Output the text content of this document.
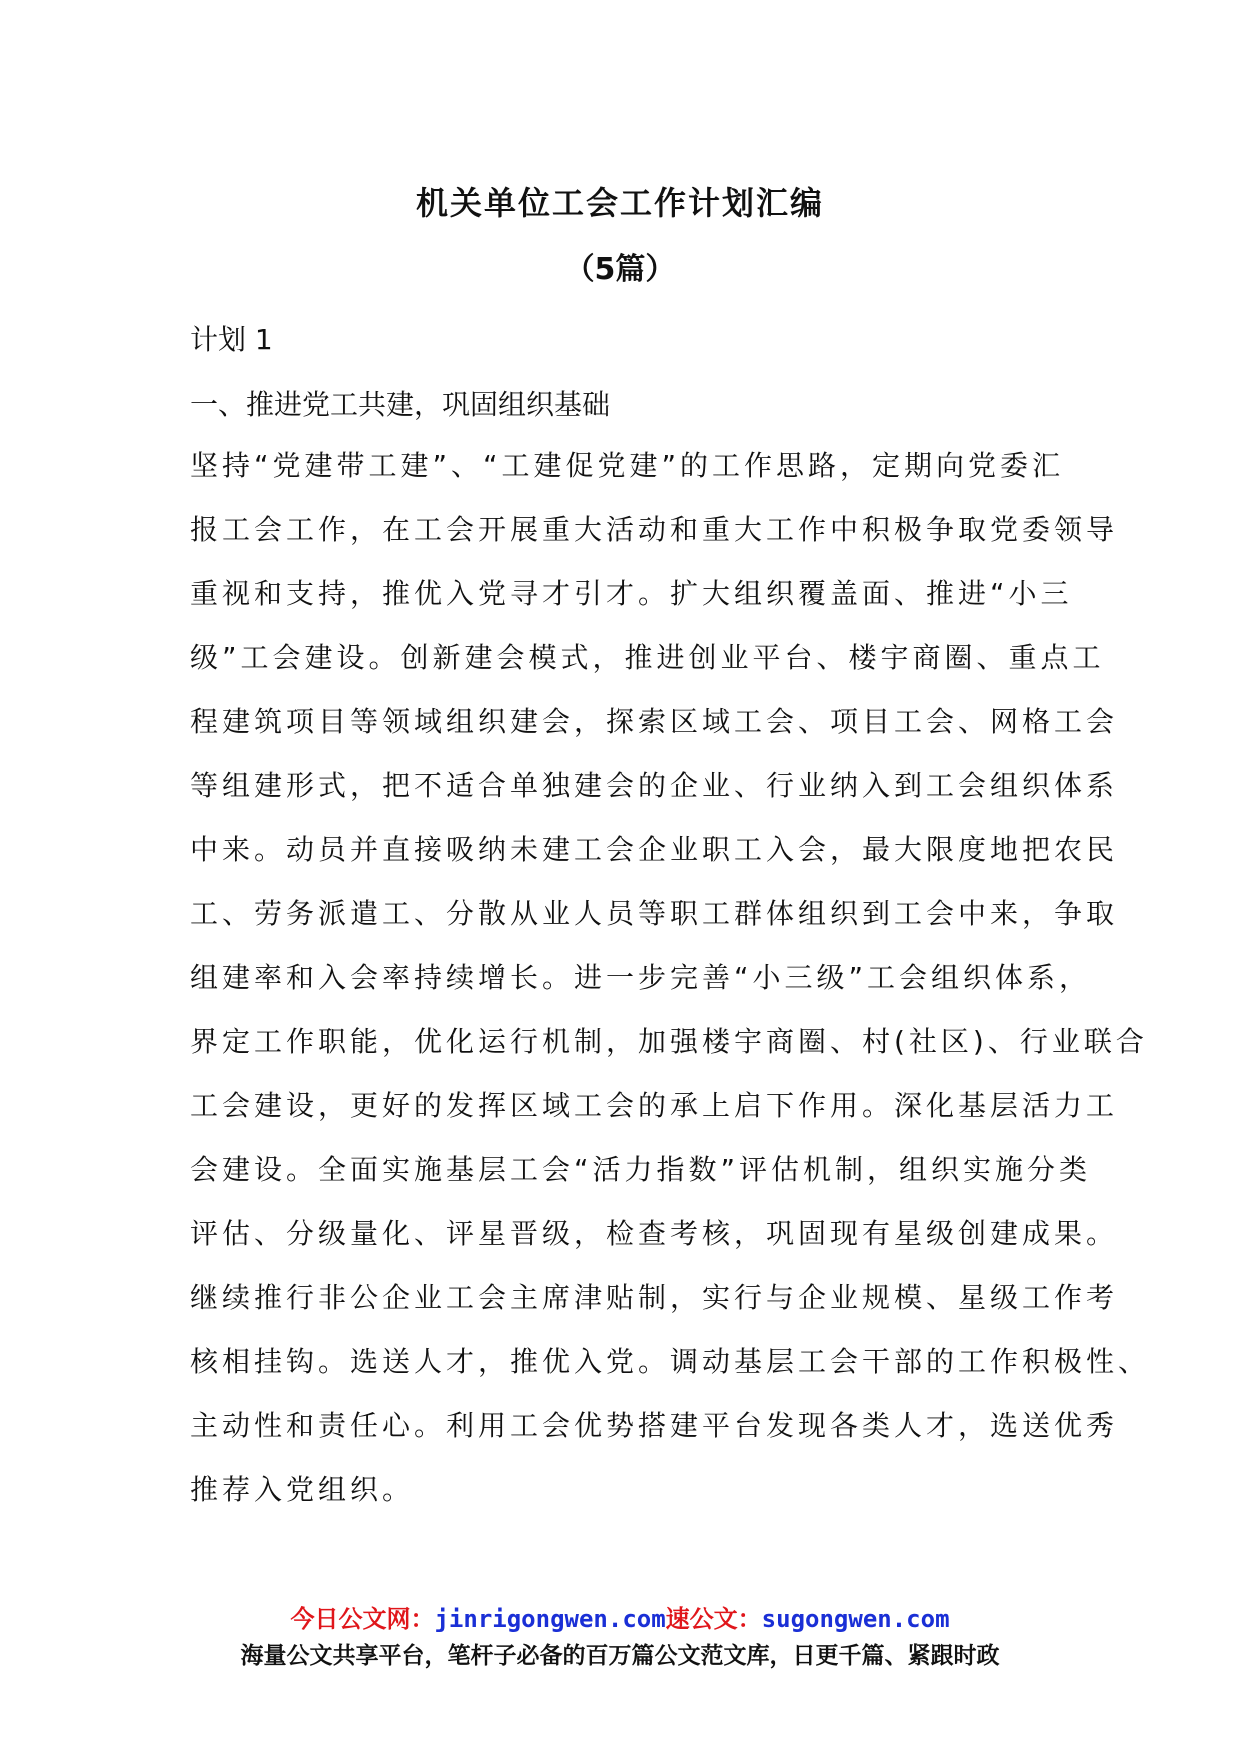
机关单位工会工作计划汇编
（5篇）

计划 1

一、推进党工共建，巩固组织基础

坚持“党建带工建”、“工建促党建”的工作思路，定期向党委汇
报工会工作，在工会开展重大活动和重大工作中积极争取党委领导
重视和支持，推优入党寻才引才。扩大组织覆盖面、推进“小三
级”工会建设。创新建会模式，推进创业平台、楼宇商圈、重点工
程建筑项目等领域组织建会，探索区域工会、项目工会、网格工会
等组建形式，把不适合单独建会的企业、行业纳入到工会组织体系
中来。动员并直接吸纳未建工会企业职工入会，最大限度地把农民
工、劳务派遣工、分散从业人员等职工群体组织到工会中来，争取
组建率和入会率持续增长。进一步完善“小三级”工会组织体系，
界定工作职能，优化运行机制，加强楼宇商圈、村(社区)、行业联合
工会建设，更好的发挥区域工会的承上启下作用。深化基层活力工
会建设。全面实施基层工会“活力指数”评估机制，组织实施分类
评估、分级量化、评星晋级，检查考核，巩固现有星级创建成果。
继续推行非公企业工会主席津贴制，实行与企业规模、星级工作考
核相挂钩。选送人才，推优入党。调动基层工会干部的工作积极性、
主动性和责任心。利用工会优势搭建平台发现各类人才，选送优秀
推荐入党组织。
今日公文网：jinrigongwen.com速公文：sugongwen.com
海量公文共享平台，笔杆子必备的百万篇公文范文库，日更千篇、紧跟时政
